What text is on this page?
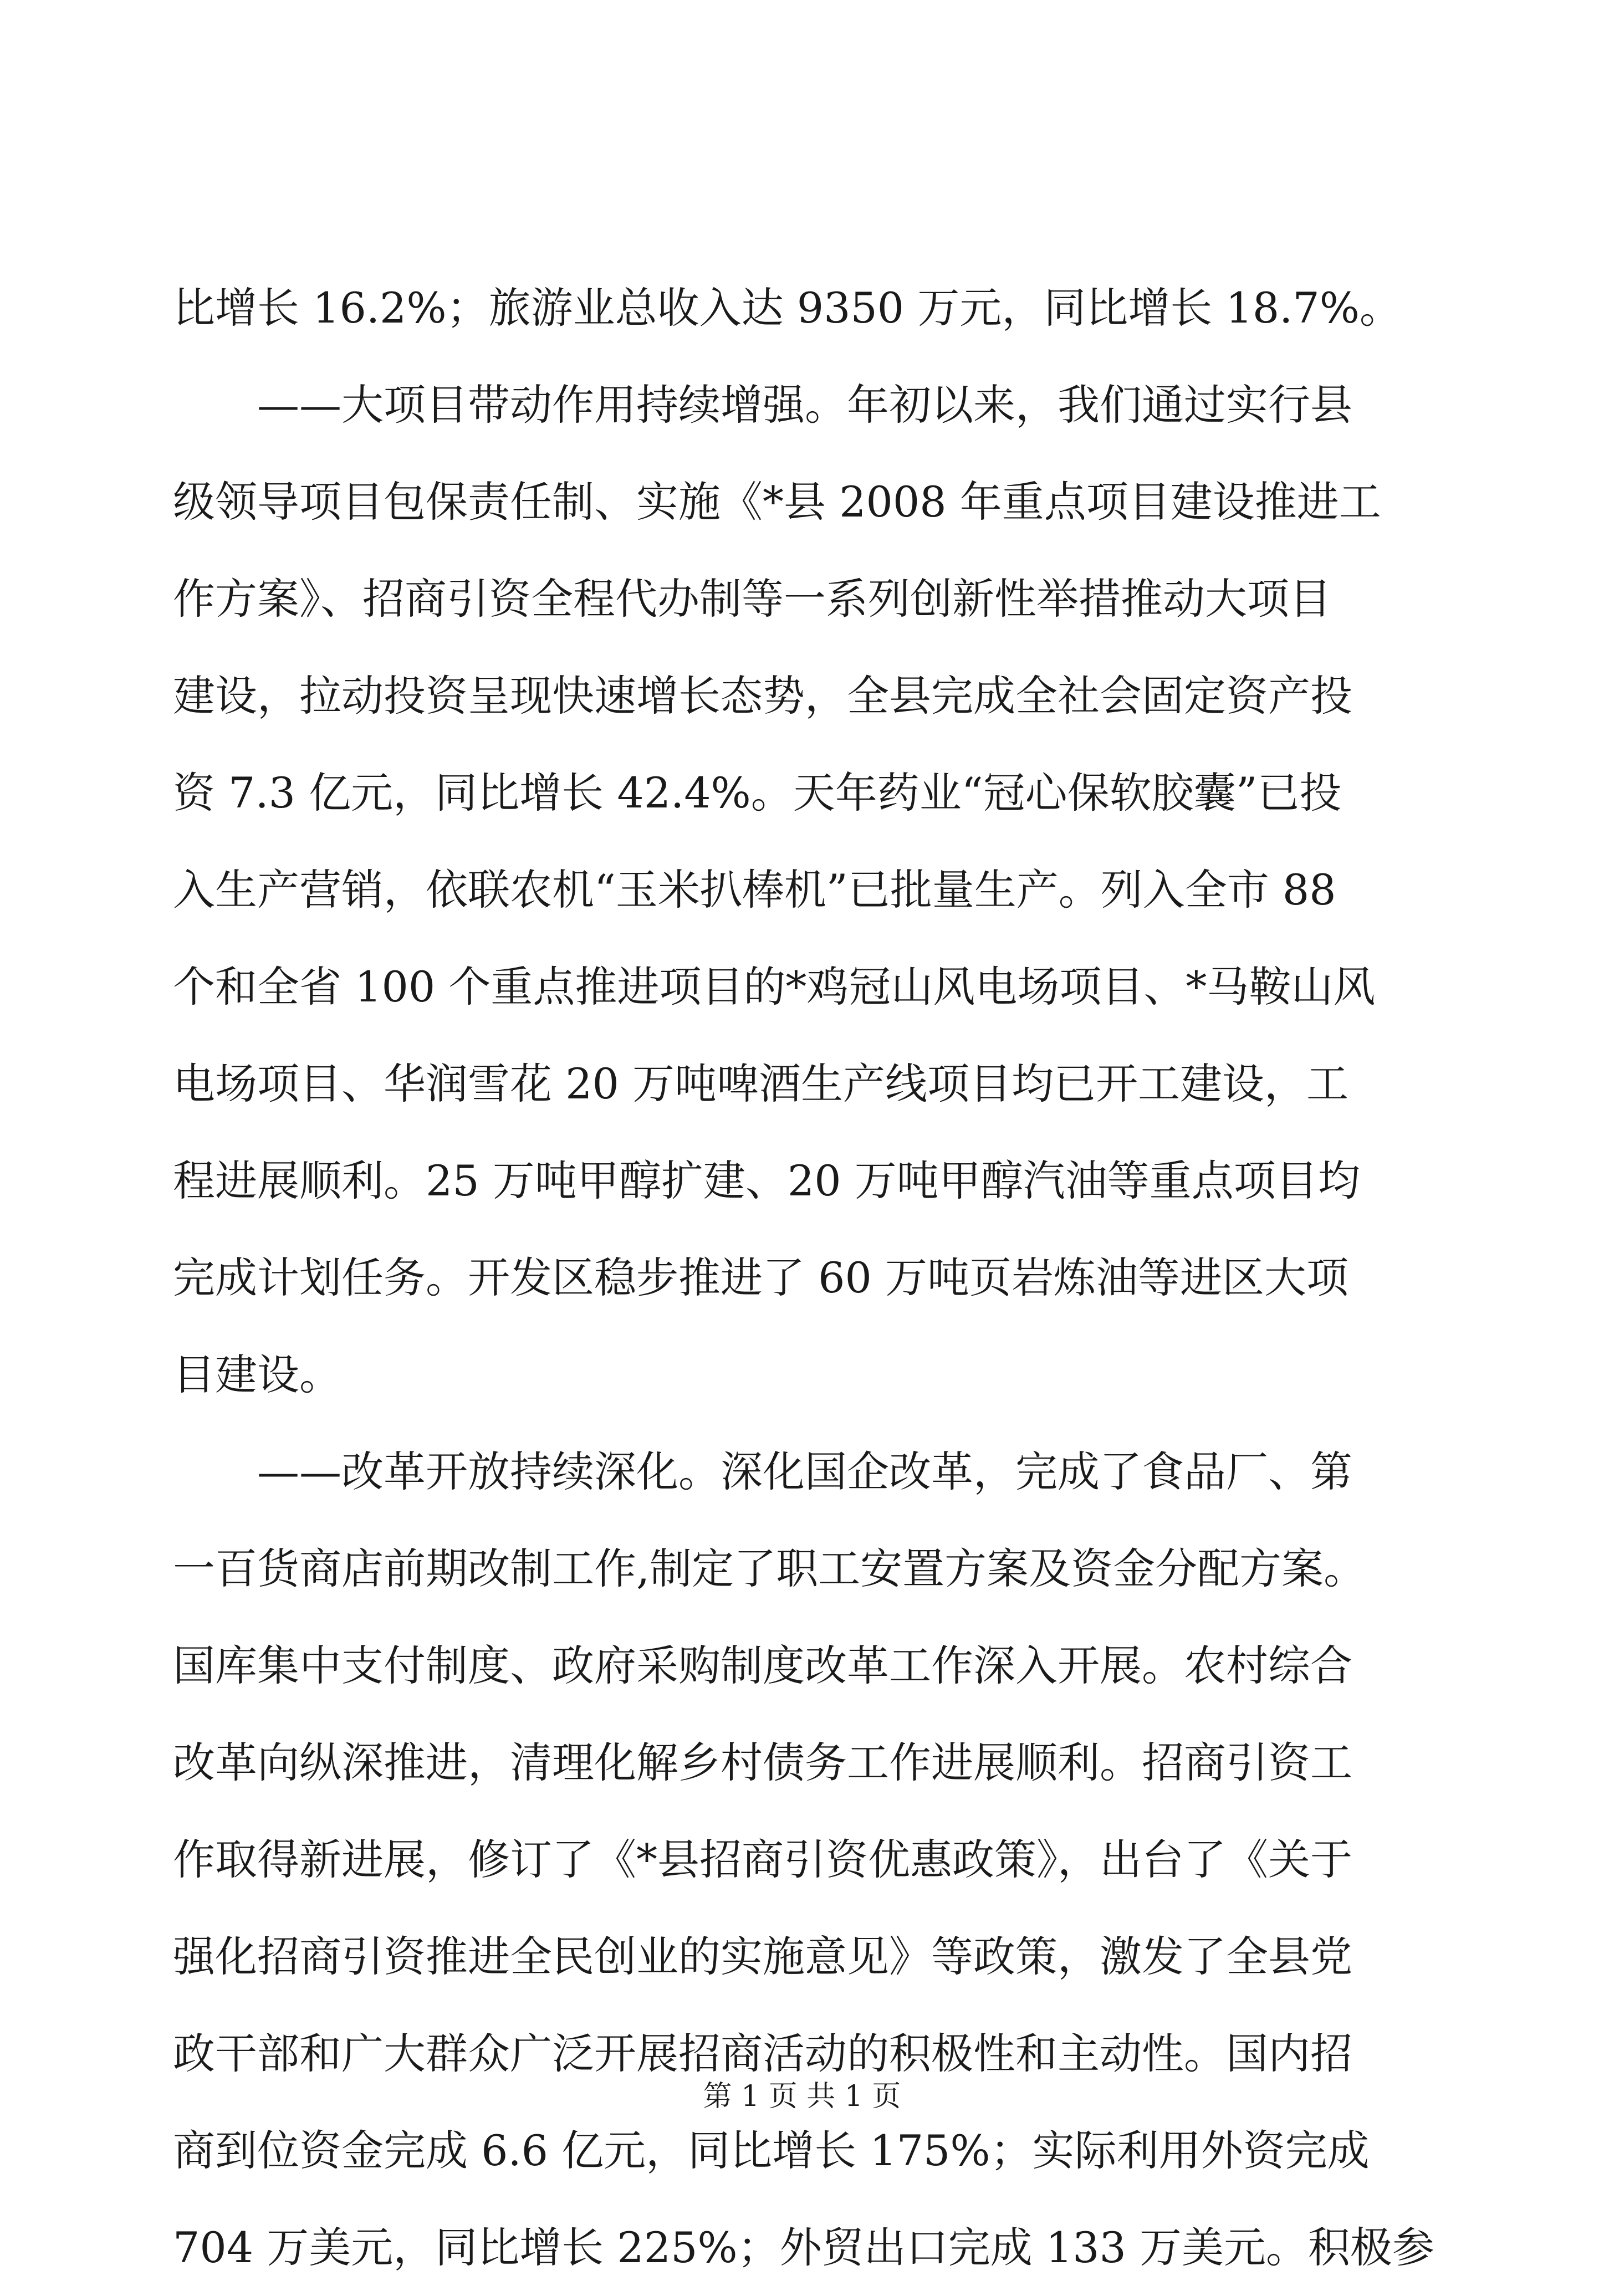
比增长 16.2%；旅游业总收入达 9350 万元，同比增长 18.7%。
　　——大项目带动作用持续增强。年初以来，我们通过实行县
级领导项目包保责任制、实施《*县 2008 年重点项目建设推进工
作方案》、招商引资全程代办制等一系列创新性举措推动大项目
建设，拉动投资呈现快速增长态势，全县完成全社会固定资产投
资 7.3 亿元，同比增长 42.4%。天年药业“冠心保软胶囊”已投
入生产营销，依联农机“玉米扒棒机”已批量生产。列入全市 88
个和全省 100 个重点推进项目的*鸡冠山风电场项目、*马鞍山风
电场项目、华润雪花 20 万吨啤酒生产线项目均已开工建设，工
程进展顺利。25 万吨甲醇扩建、20 万吨甲醇汽油等重点项目均
完成计划任务。开发区稳步推进了 60 万吨页岩炼油等进区大项
目建设。
　　——改革开放持续深化。深化国企改革，完成了食品厂、第
一百货商店前期改制工作,制定了职工安置方案及资金分配方案。
国库集中支付制度、政府采购制度改革工作深入开展。农村综合
改革向纵深推进，清理化解乡村债务工作进展顺利。招商引资工
作取得新进展，修订了《*县招商引资优惠政策》，出台了《关于
强化招商引资推进全民创业的实施意见》等政策，激发了全县党
政干部和广大群众广泛开展招商活动的积极性和主动性。国内招
商到位资金完成 6.6 亿元，同比增长 175%；实际利用外资完成
704 万美元，同比增长 225%；外贸出口完成 133 万美元。积极参
第 1 页 共 1 页
